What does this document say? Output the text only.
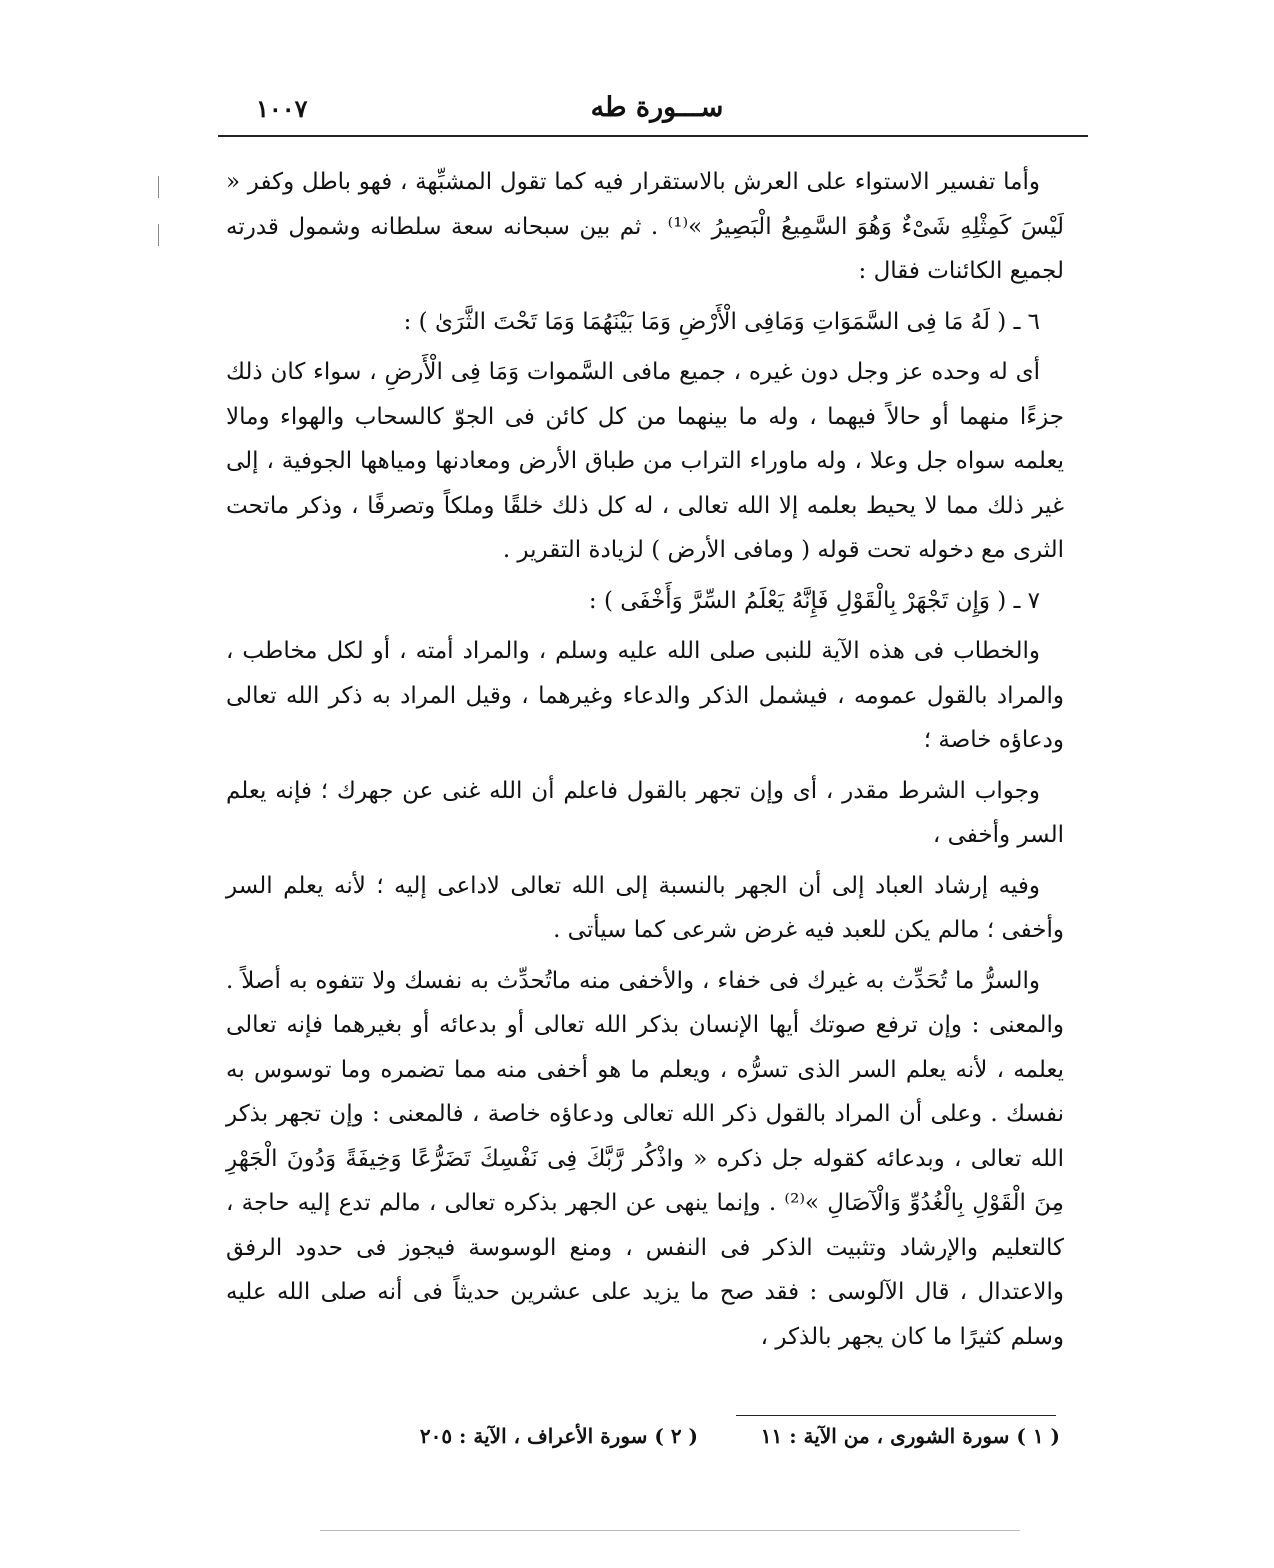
ســـورة طه
١٠٠٧

وأما تفسير الاستواء على العرش بالاستقرار فيه كما تقول المشبِّهة ، فهو باطل وكفر « لَيْسَ كَمِثْلِهِ شَىْءٌ وَهُوَ السَّمِيعُ الْبَصِيرُ »⁽¹⁾ . ثم بين سبحانه سعة سلطانه وشمول قدرته لجميع الكائنات فقال :

٦ ـ ( لَهُ مَا فِى السَّمَوَاتِ وَمَافِى الْأَرْضِ وَمَا بَيْنَهُمَا وَمَا تَحْتَ الثَّرَىٰ ) :

أى له وحده عز وجل دون غيره ، جميع مافى السَّموات وَمَا فِى الْأَرضِ ، سواء كان ذلك جزءًا منهما أو حالاً فيهما ، وله ما بينهما من كل كائن فى الجوّ كالسحاب والهواء ومالا يعلمه سواه جل وعلا ، وله ماوراء التراب من طباق الأرض ومعادنها ومياهها الجوفية ، إلى غير ذلك مما لا يحيط بعلمه إلا الله تعالى ، له كل ذلك خلقًا وملكاً وتصرفًا ، وذكر ماتحت الثرى مع دخوله تحت قوله ( ومافى الأرض ) لزيادة التقرير .

٧ ـ ( وَإِن تَجْهَرْ بِالْقَوْلِ فَإِنَّهُ يَعْلَمُ السِّرَّ وَأَخْفَى ) :

والخطاب فى هذه الآية للنبى صلى الله عليه وسلم ، والمراد أمته ، أو لكل مخاطب ، والمراد بالقول عمومه ، فيشمل الذكر والدعاء وغيرهما ، وقيل المراد به ذكر الله تعالى ودعاؤه خاصة ؛

وجواب الشرط مقدر ، أى وإن تجهر بالقول فاعلم أن الله غنى عن جهرك ؛ فإنه يعلم السر وأخفى ،

وفيه إرشاد العباد إلى أن الجهر بالنسبة إلى الله تعالى لاداعى إليه ؛ لأنه يعلم السر وأخفى ؛ مالم يكن للعبد فيه غرض شرعى كما سيأتى .

والسرُّ ما تُحَدِّث به غيرك فى خفاء ، والأخفى منه ماتُحدِّث به نفسك ولا تتفوه به أصلاً . والمعنى : وإن ترفع صوتك أيها الإنسان بذكر الله تعالى أو بدعائه أو بغيرهما فإنه تعالى يعلمه ، لأنه يعلم السر الذى تسرُّه ، ويعلم ما هو أخفى منه مما تضمره وما توسوس به نفسك . وعلى أن المراد بالقول ذكر الله تعالى ودعاؤه خاصة ، فالمعنى : وإن تجهر بذكر الله تعالى ، وبدعائه كقوله جل ذكره « واذْكُر رَّبَّكَ فِى نَفْسِكَ تَضَرُّعًا وَخِيفَةً وَدُونَ الْجَهْرِ مِنَ الْقَوْلِ بِالْغُدُوِّ وَالْآصَالِ »⁽²⁾ . وإنما ينهى عن الجهر بذكره تعالى ، مالم تدع إليه حاجة ، كالتعليم والإرشاد وتثبيت الذكر فى النفس ، ومنع الوسوسة فيجوز فى حدود الرفق والاعتدال ، قال الآلوسى : فقد صح ما يزيد على عشرين حديثاً فى أنه صلى الله عليه وسلم كثيرًا ما كان يجهر بالذكر ،

( ١ ) سورة الشورى ، من الآية : ١١
( ٢ ) سورة الأعراف ، الآية : ٢٠٥
